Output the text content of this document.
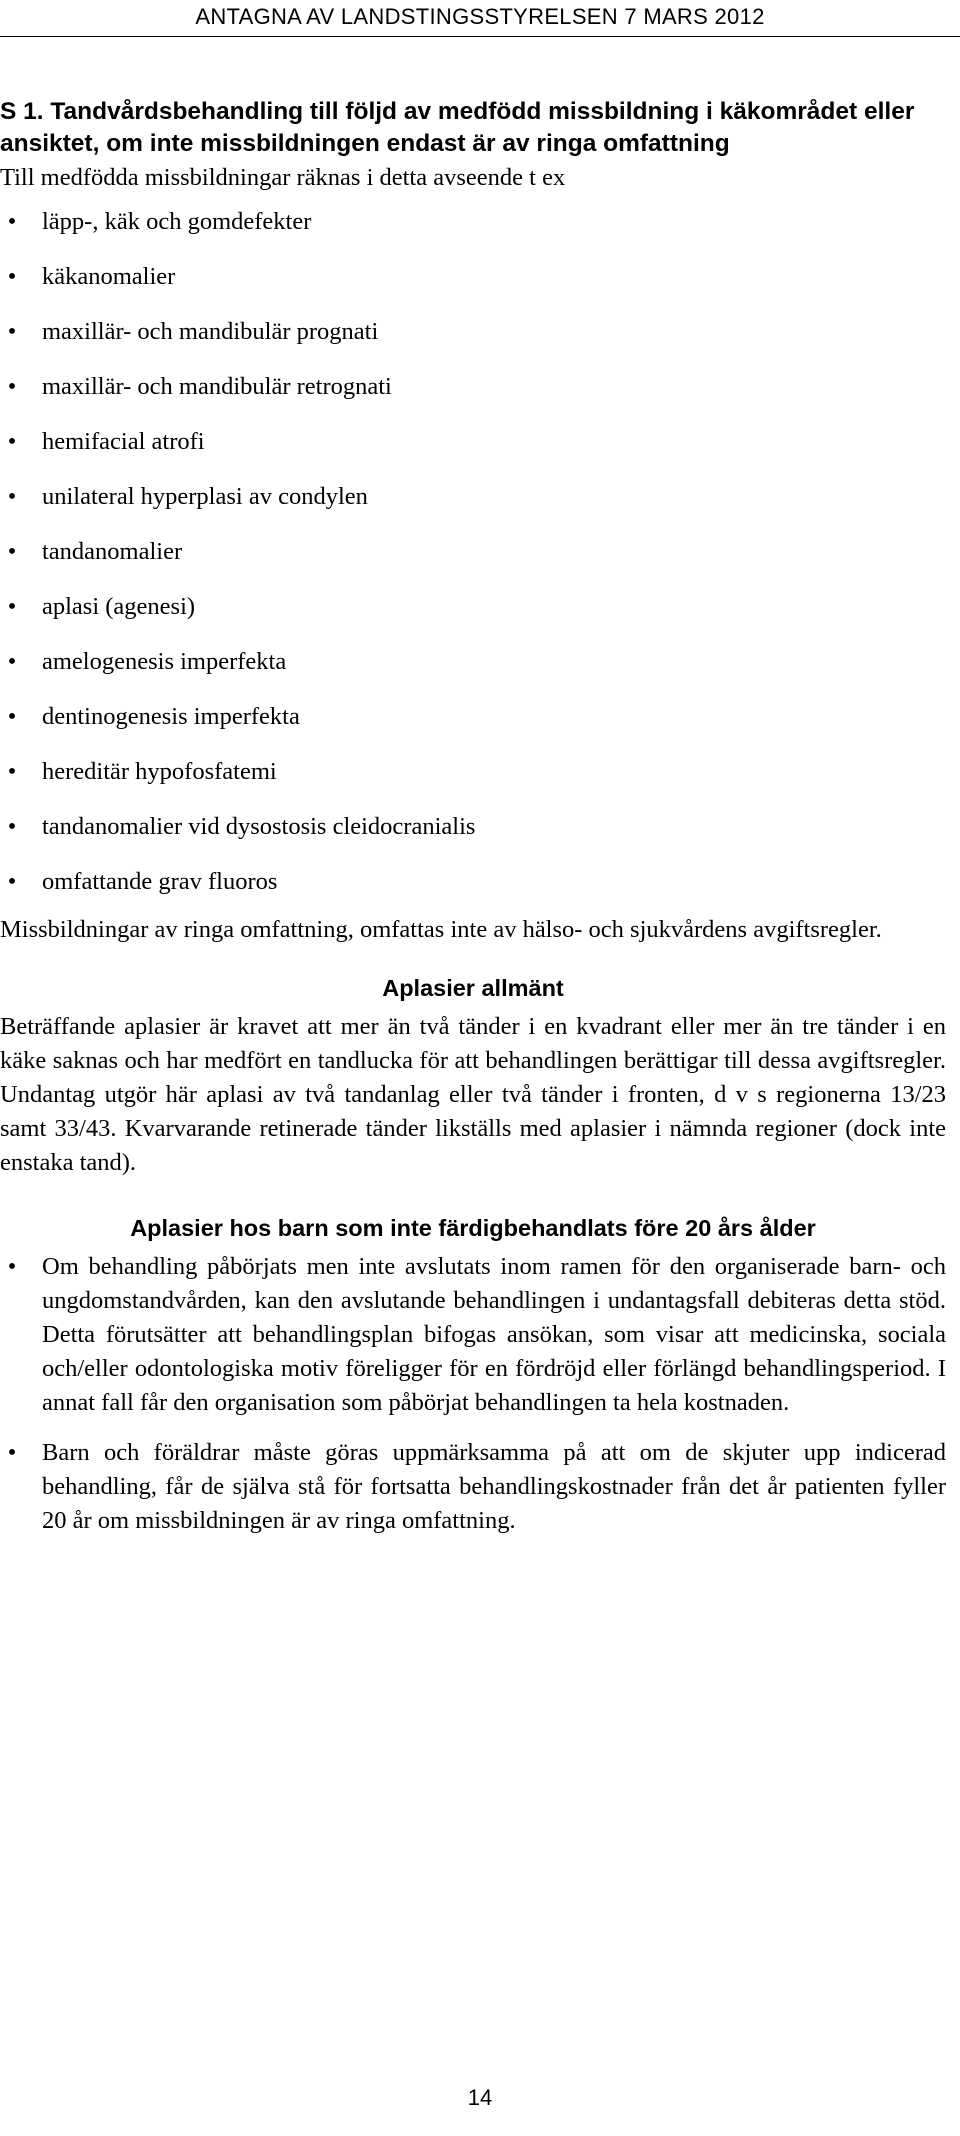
ANTAGNA AV LANDSTINGSSTYRELSEN 7 MARS 2012
S 1. Tandvårdsbehandling till följd av medfödd missbildning i käkområdet eller ansiktet, om inte missbildningen endast är av ringa omfattning

Till medfödda missbildningar räknas i detta avseende t ex

• läpp-, käk och gomdefekter
• käkanomalier
• maxillär- och mandibulär prognati
• maxillär- och mandibulär retrognati
• hemifacial atrofi
• unilateral hyperplasi av condylen
• tandanomalier
• aplasi (agenesi)
• amelogenesis imperfekta
• dentinogenesis imperfekta
• hereditär hypofosfatemi
• tandanomalier vid dysostosis cleidocranialis
• omfattande grav fluoros

Missbildningar av ringa omfattning, omfattas inte av hälso- och sjukvårdens avgiftsregler.

Aplasier allmänt

Beträffande aplasier är kravet att mer än två tänder i en kvadrant eller mer än tre tänder i en käke saknas och har medfört en tandlucka för att behandlingen berättigar till dessa avgiftsregler. Undantag utgör här aplasi av två tandanlag eller två tänder i fronten, d v s regionerna 13/23 samt 33/43. Kvarvarande retinerade tänder likställs med aplasier i nämnda regioner (dock inte enstaka tand).

Aplasier hos barn som inte färdigbehandlats före 20 års ålder
• Om behandling påbörjats men inte avslutats inom ramen för den organiserade barn- och ungdomstandvården, kan den avslutande behandlingen i undantagsfall debiteras detta stöd. Detta förutsätter att behandlingsplan bifogas ansökan, som visar att medicinska, sociala och/eller odontologiska motiv föreligger för en fördröjd eller förlängd behandlingsperiod. I annat fall får den organisation som påbörjat behandlingen ta hela kostnaden.
• Barn och föräldrar måste göras uppmärksamma på att om de skjuter upp indicerad behandling, får de själva stå för fortsatta behandlingskostnader från det år patienten fyller 20 år om missbildningen är av ringa omfattning.
14
